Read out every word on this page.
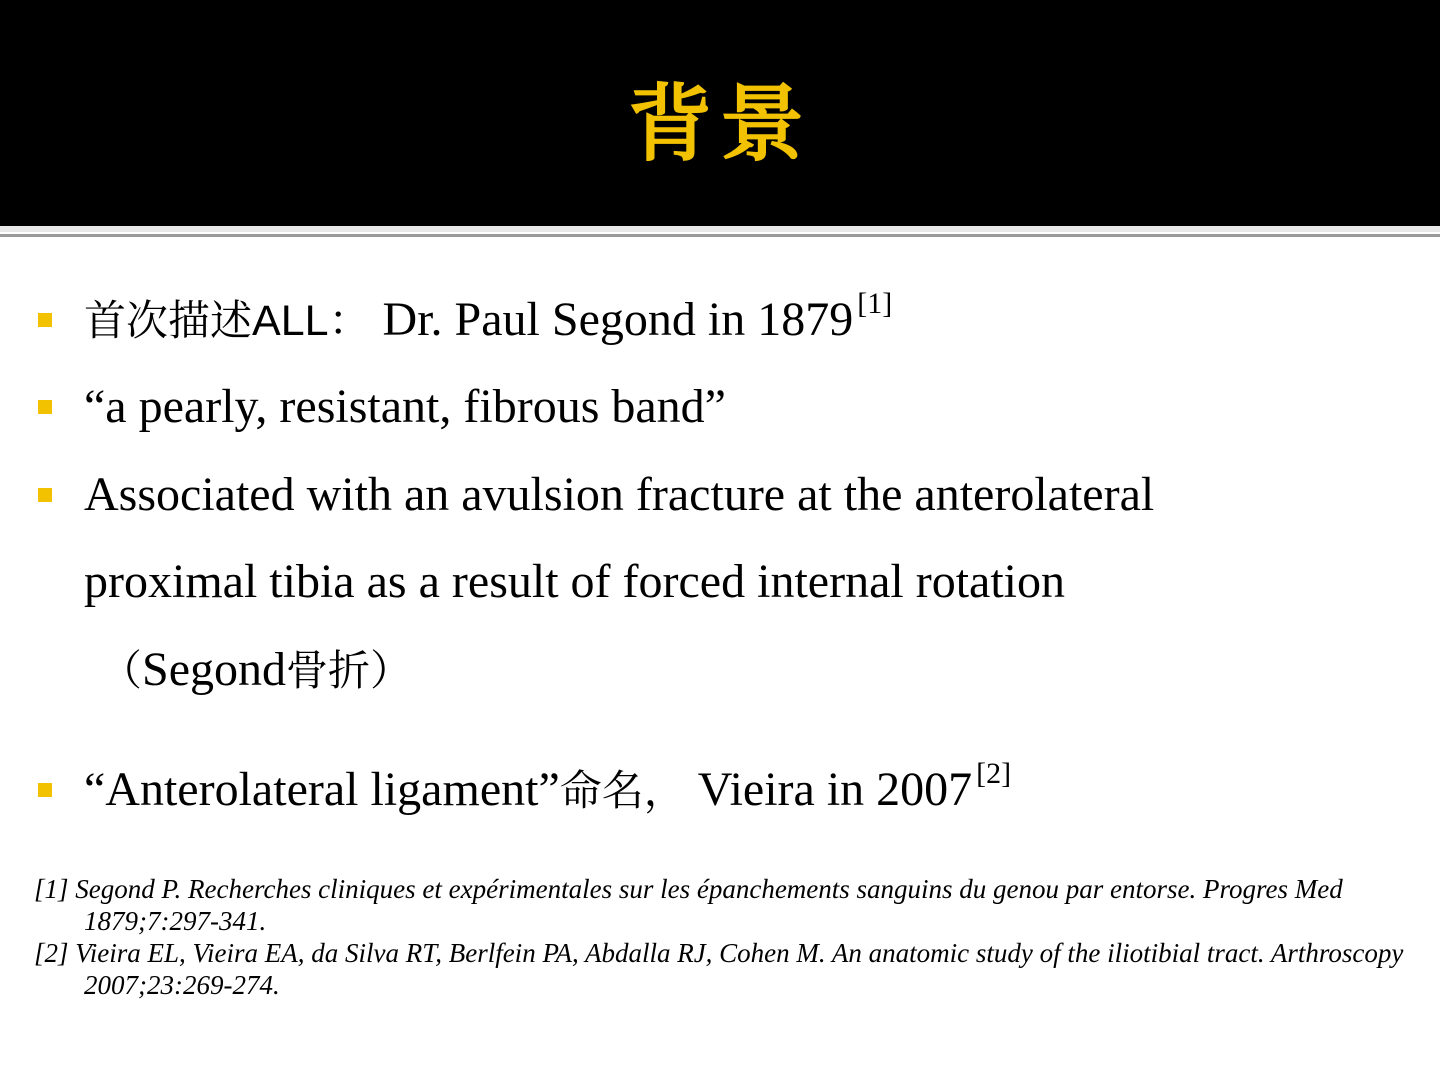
背景
首次描述ALL： Dr. Paul Segond in 1879 [1]
“a pearly, resistant, fibrous band”
Associated with an avulsion fracture at the anterolateral
proximal tibia as a result of forced internal rotation
（Segond骨折）
“Anterolateral ligament”命名， Vieira in 2007 [2]
[1] Segond P. Recherches cliniques et expérimentales sur les épanchements sanguins du genou par entorse. Progres Med 1879;7:297-341.
[2] Vieira EL, Vieira EA, da Silva RT, Berlfein PA, Abdalla RJ, Cohen M. An anatomic study of the iliotibial tract. Arthroscopy 2007;23:269-274.
